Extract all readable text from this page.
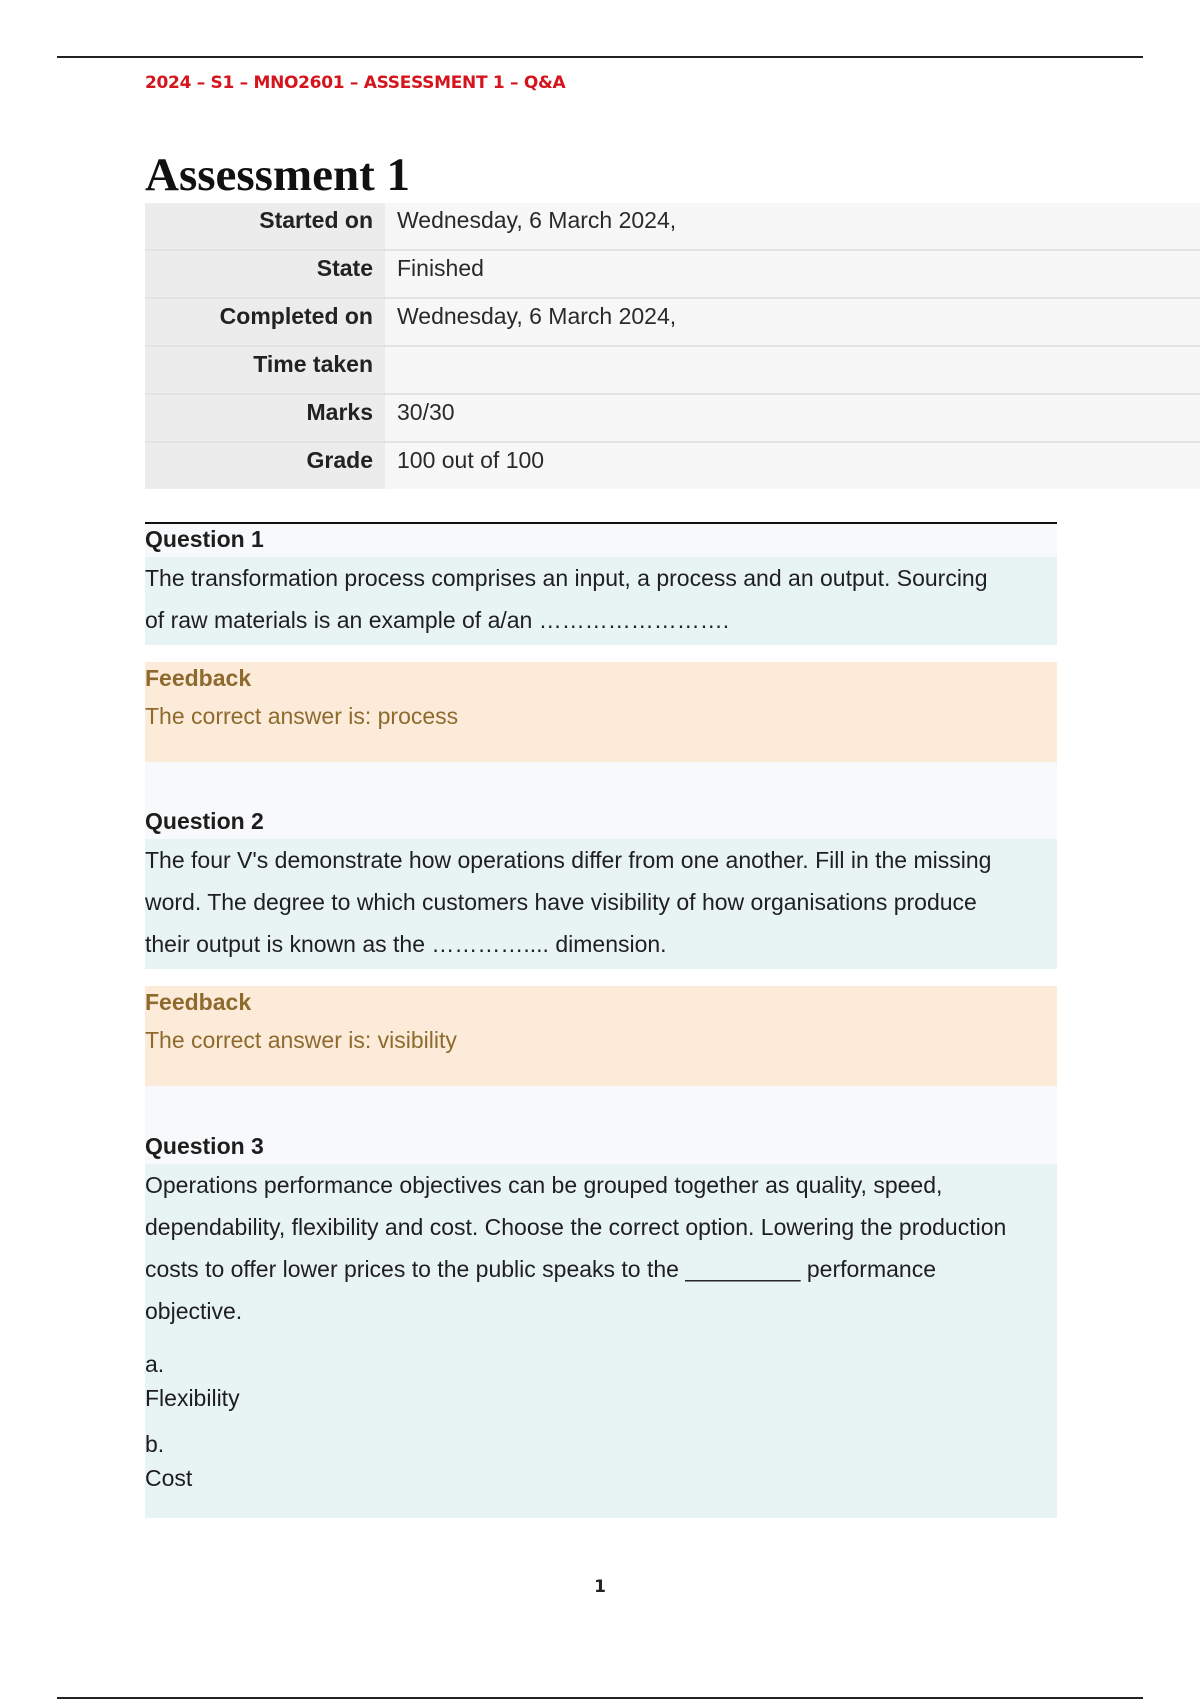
2024 – S1 – MNO2601 – ASSESSMENT 1 – Q&A
Assessment 1
Started on	Wednesday, 6 March 2024,
State	Finished
Completed on	Wednesday, 6 March 2024,
Time taken
Marks	30/30
Grade	100 out of 100
Question 1
The transformation process comprises an input, a process and an output. Sourcing
of raw materials is an example of a/an …………………….
Feedback
The correct answer is: process
Question 2
The four V's demonstrate how operations differ from one another. Fill in the missing
word. The degree to which customers have visibility of how organisations produce
their output is known as the ………….... dimension.
Feedback
The correct answer is: visibility
Question 3
Operations performance objectives can be grouped together as quality, speed,
dependability, flexibility and cost. Choose the correct option. Lowering the production
costs to offer lower prices to the public speaks to the _________ performance
objective.
a.
Flexibility
b.
Cost
1
